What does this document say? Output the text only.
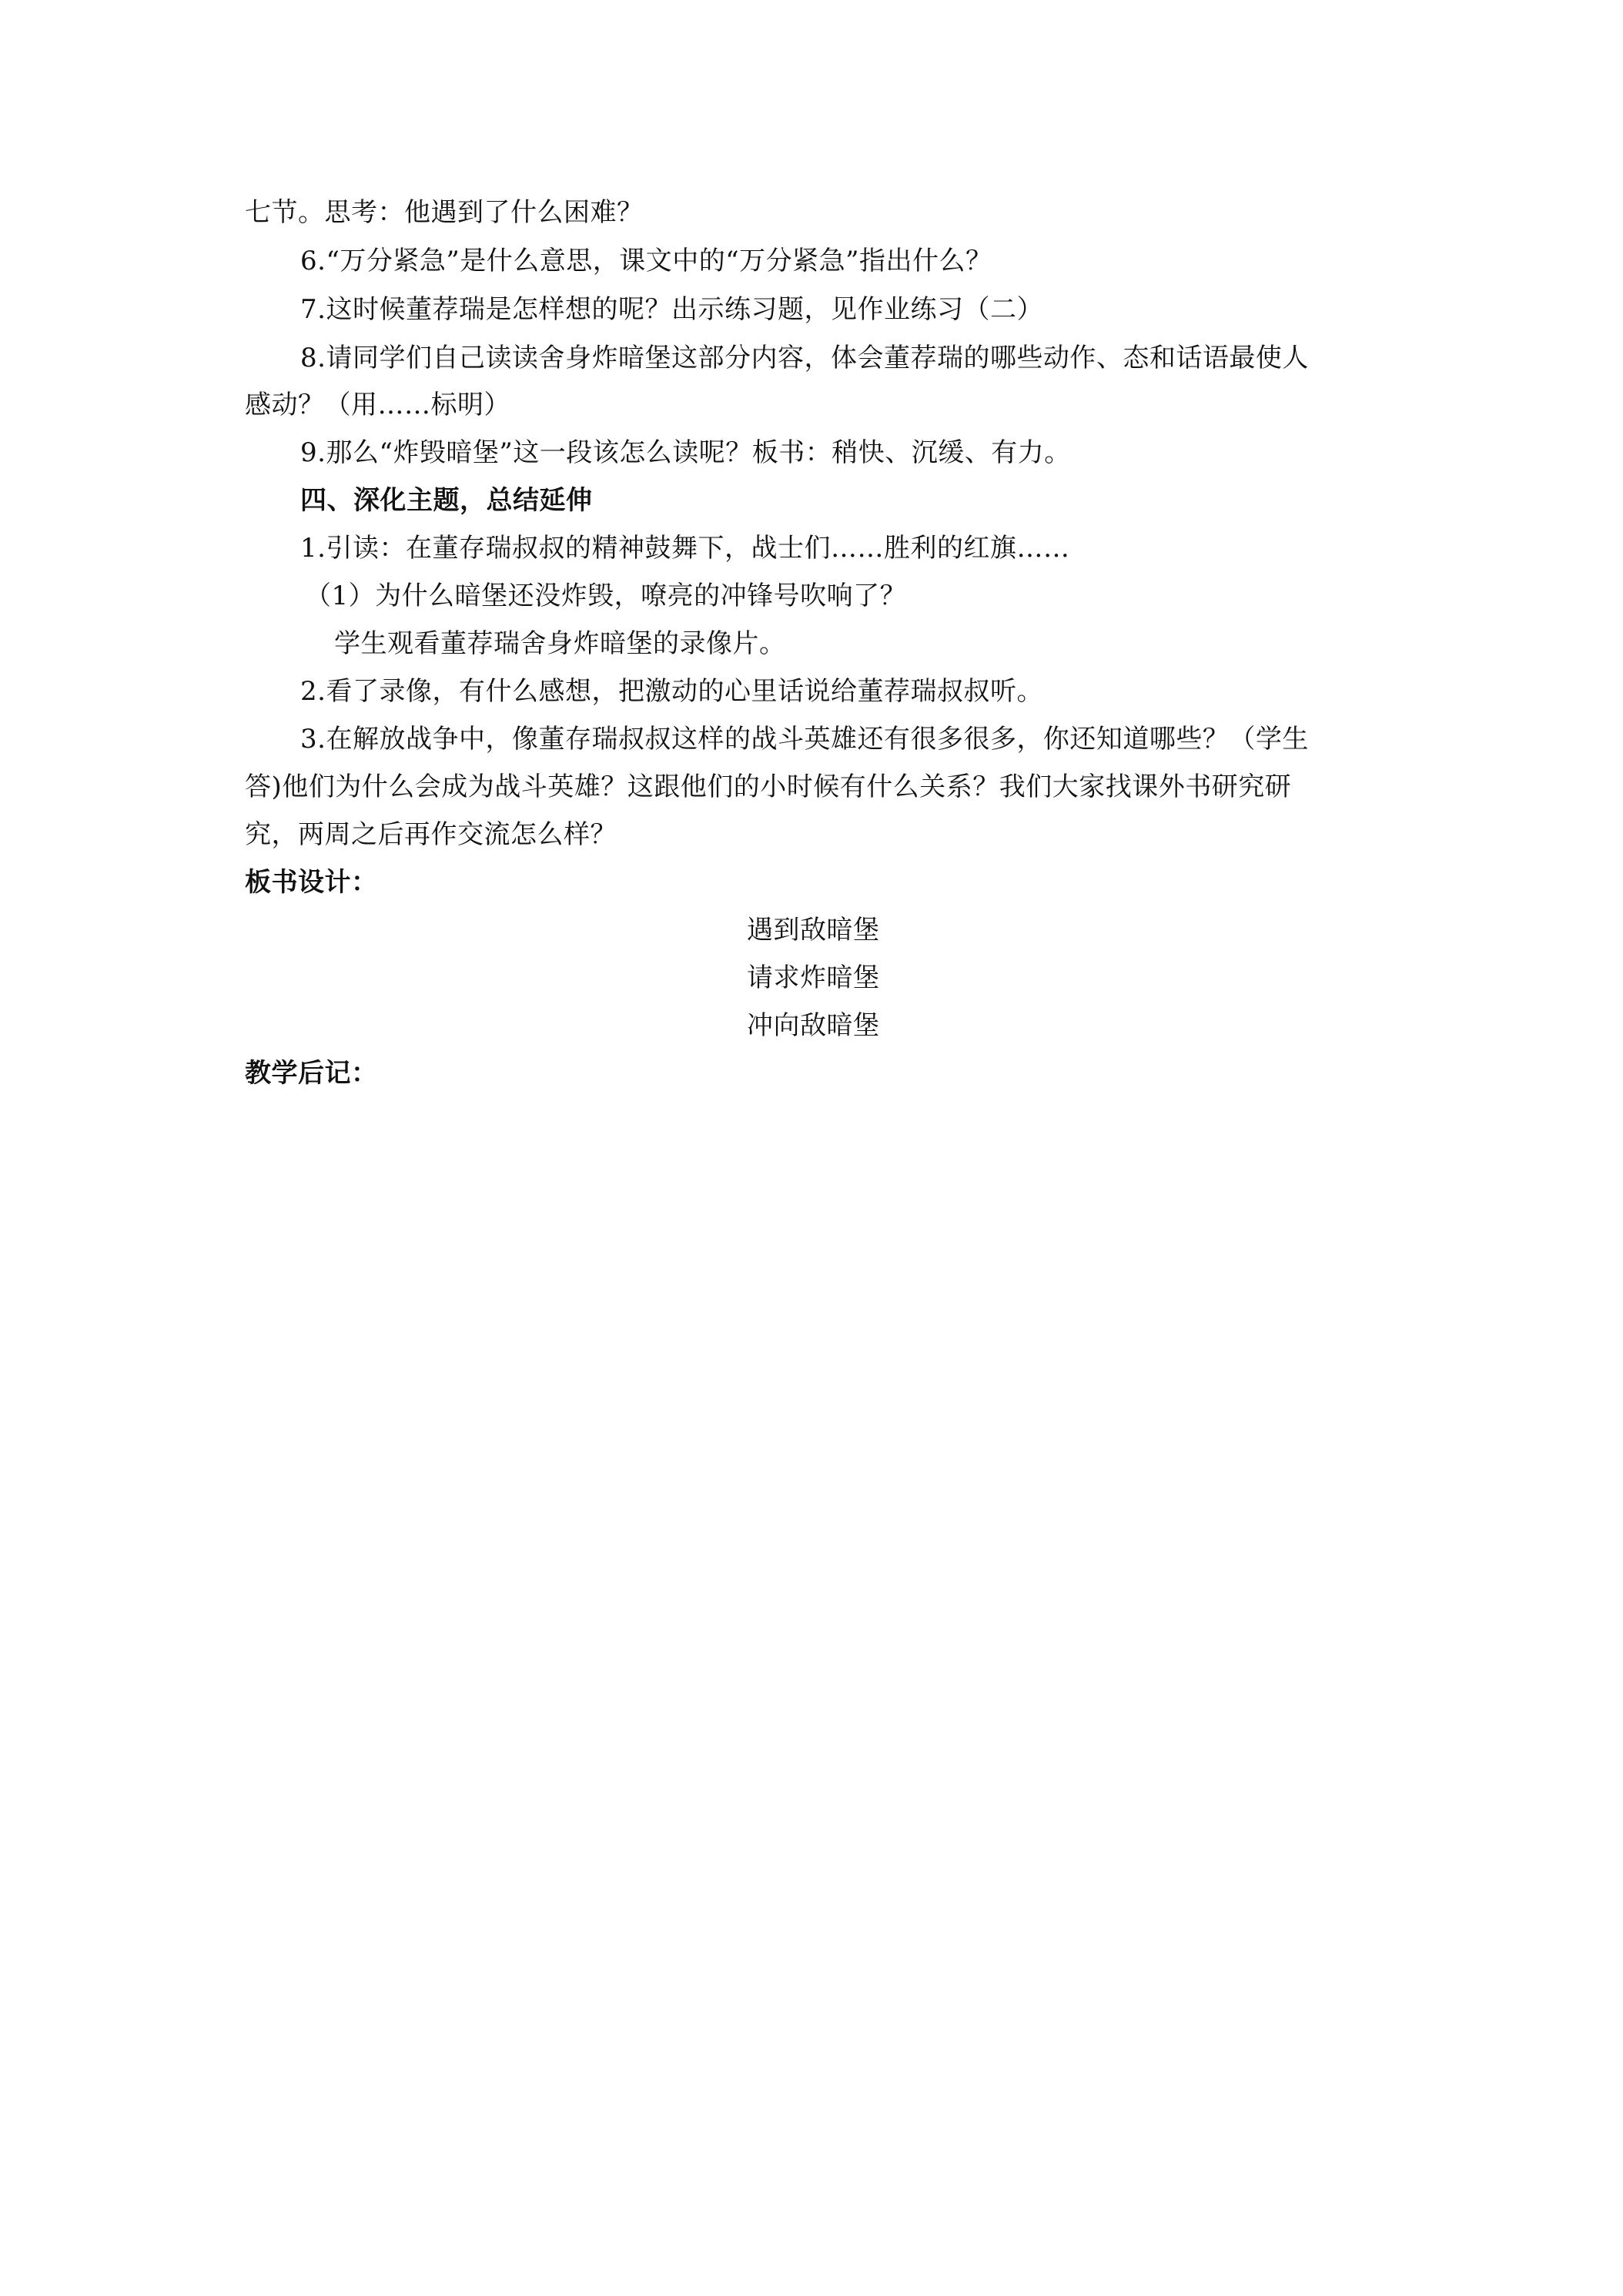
七节。思考：他遇到了什么困难？
6.“万分紧急”是什么意思，课文中的“万分紧急”指出什么？
7.这时候董荐瑞是怎样想的呢？出示练习题，见作业练习（二）
8.请同学们自己读读舍身炸暗堡这部分内容，体会董荐瑞的哪些动作、态和话语最使人
感动？（用……标明）
9.那么“炸毁暗堡”这一段该怎么读呢？板书：稍快、沉缓、有力。
四、深化主题，总结延伸
1.引读：在董存瑞叔叔的精神鼓舞下，战士们……胜利的红旗……
（1）为什么暗堡还没炸毁，嘹亮的冲锋号吹响了？
学生观看董荐瑞舍身炸暗堡的录像片。
2.看了录像，有什么感想，把激动的心里话说给董荐瑞叔叔听。
3.在解放战争中，像董存瑞叔叔这样的战斗英雄还有很多很多，你还知道哪些？（学生
答)他们为什么会成为战斗英雄？这跟他们的小时候有什么关系？我们大家找课外书研究研
究，两周之后再作交流怎么样？
板书设计：
遇到敌暗堡
请求炸暗堡
冲向敌暗堡
教学后记：
